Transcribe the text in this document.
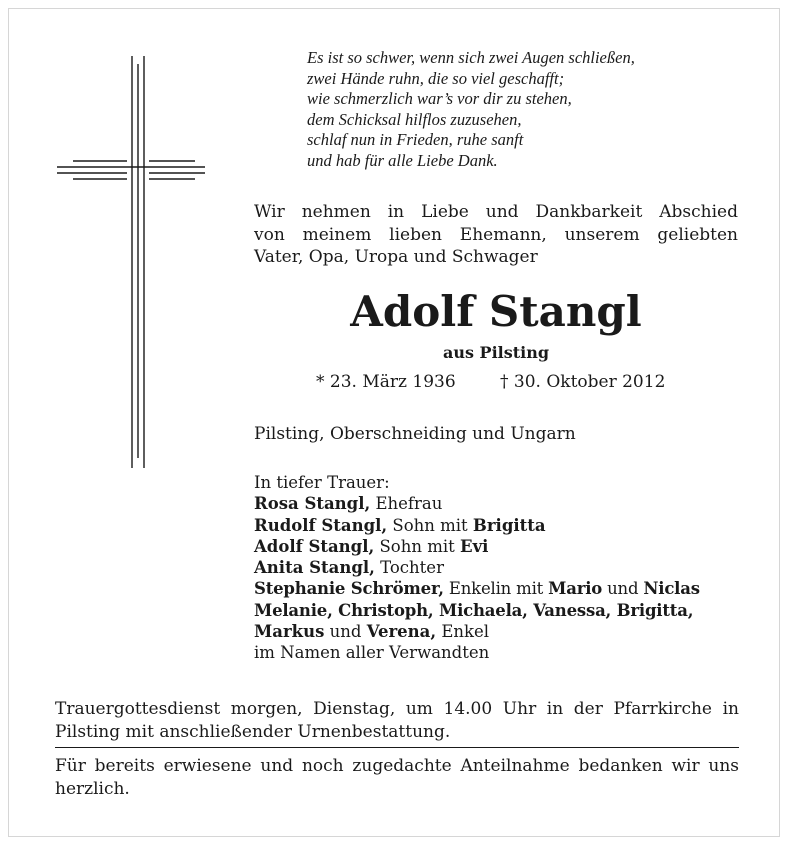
Es ist so schwer, wenn sich zwei Augen schließen,
zwei Hände ruhn, die so viel geschafft;
wie schmerzlich war’s vor dir zu stehen,
dem Schicksal hilflos zuzusehen,
schlaf nun in Frieden, ruhe sanft
und hab für alle Liebe Dank.
Wir nehmen in Liebe und Dankbarkeit Abschied
von meinem lieben Ehemann, unserem geliebten
Vater, Opa, Uropa und Schwager
Adolf Stangl
aus Pilsting
* 23. März 1936	† 30. Oktober 2012
Pilsting, Oberschneiding und Ungarn
In tiefer Trauer:
Rosa Stangl, Ehefrau
Rudolf Stangl, Sohn mit Brigitta
Adolf Stangl, Sohn mit Evi
Anita Stangl, Tochter
Stephanie Schrömer, Enkelin mit Mario und Niclas
Melanie, Christoph, Michaela, Vanessa, Brigitta,
Markus und Verena, Enkel
im Namen aller Verwandten
Trauergottesdienst morgen, Dienstag, um 14.00 Uhr in der Pfarrkirche in Pilsting mit anschließender Urnenbestattung.
Für bereits erwiesene und noch zugedachte Anteilnahme bedanken wir uns herzlich.
